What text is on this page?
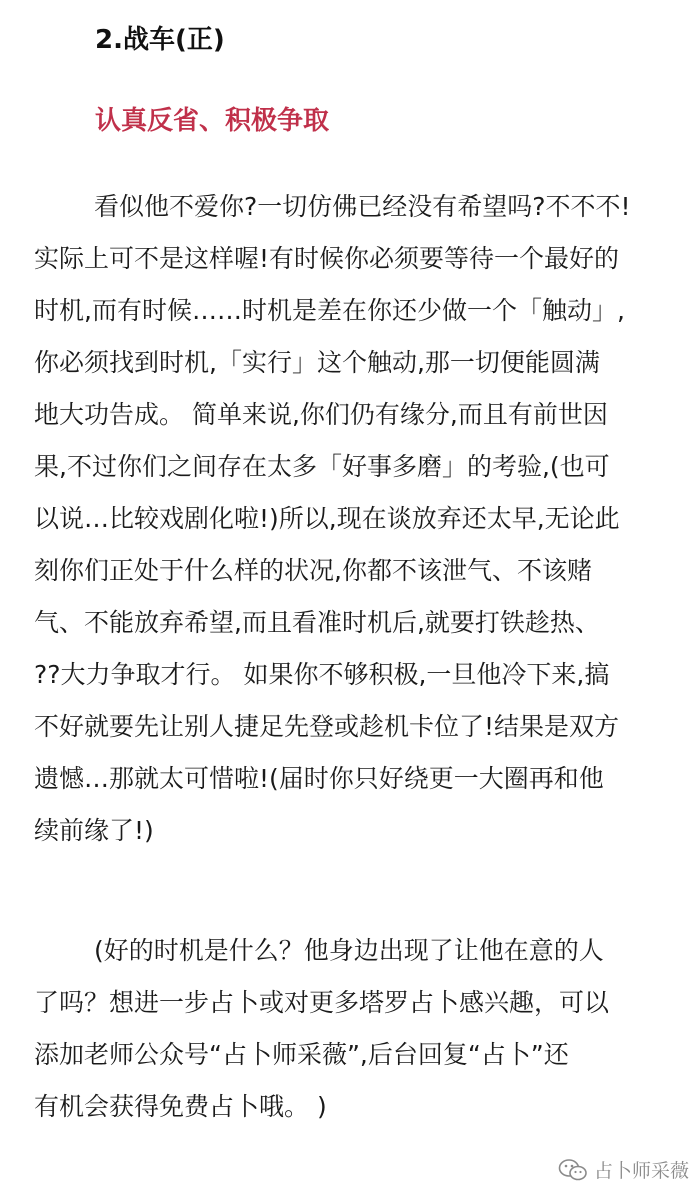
2.战车(正)
认真反省、积极争取
看似他不爱你?一切仿佛已经没有希望吗?不不不!
实际上可不是这样喔!有时候你必须要等待一个最好的
时机,而有时候……时机是差在你还少做一个「触动」,
你必须找到时机,「实行」这个触动,那一切便能圆满
地大功告成。 简单来说,你们仍有缘分,而且有前世因
果,不过你们之间存在太多「好事多磨」的考验,(也可
以说…比较戏剧化啦!)所以,现在谈放弃还太早,无论此
刻你们正处于什么样的状况,你都不该泄气、不该赌
气、不能放弃希望,而且看准时机后,就要打铁趁热、
??大力争取才行。 如果你不够积极,一旦他冷下来,搞
不好就要先让别人捷足先登或趁机卡位了!结果是双方
遗憾…那就太可惜啦!(届时你只好绕更一大圈再和他
续前缘了!)
(好的时机是什么？他身边出现了让他在意的人
了吗？想进一步占卜或对更多塔罗占卜感兴趣，可以
添加老师公众号“占卜师采薇”,后台回复“占卜”还
有机会获得免费占卜哦。 )
占卜师采薇
